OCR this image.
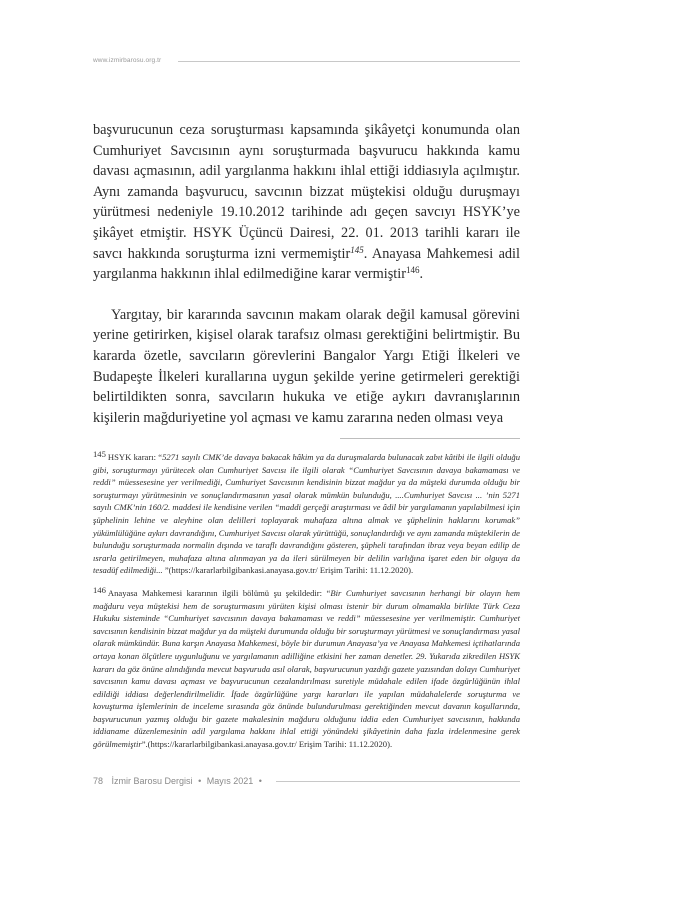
www.izmirbarosu.org.tr

başvurucunun ceza soruşturması kapsamında şikâyetçi konumunda olan Cumhuriyet Savcısının aynı soruşturmada başvurucu hakkında kamu davası açmasının, adil yargılanma hakkını ihlal ettiği iddiasıyla açılmıştır. Aynı zamanda başvurucu, savcının bizzat müştekisi olduğu duruşmayı yürütmesi nedeniyle 19.10.2012 tarihinde adı geçen savcıyı HSYK’ye şikâyet etmiştir. HSYK Üçüncü Dairesi, 22. 01. 2013 tarihli kararı ile savcı hakkında soruşturma izni vermemiştir$^{145}$. Anayasa Mahkemesi adil yargılanma hakkının ihlal edilmediğine karar vermiştir$^{146}$.

Yargıtay, bir kararında savcının makam olarak değil kamusal görevini yerine getirirken, kişisel olarak tarafsız olması gerektiğini belirtmiştir. Bu kararda özetle, savcıların görevlerini Bangalor Yargı Etiği İlkeleri ve Budapeşte İlkeleri kurallarına uygun şekilde yerine getirmeleri gerektiği belirtildikten sonra, savcıların hukuka ve etiğe aykırı davranışlarının kişilerin mağduriyetine yol açması ve kamu zararına neden olması veya

145 HSYK kararı: “5271 sayılı CMK’de davaya bakacak hâkim ya da duruşmalarda bulunacak zabıt kâtibi ile ilgili olduğu gibi, soruşturmayı yürütecek olan Cumhuriyet Savcısı ile ilgili olarak “Cumhuriyet Savcısının davaya bakamaması ve reddi” müessesesine yer verilmediği, Cumhuriyet Savcısının kendisinin bizzat mağdur ya da müşteki durumda olduğu bir soruşturmayı yürütmesinin ve sonuçlandırmasının yasal olarak mümkün bulunduğu, ....Cumhuriyet Savcısı ... ’nin 5271 sayılı CMK’nin 160/2. maddesi ile kendisine verilen “maddi gerçeği araştırması ve âdil bir yargılamanın yapılabilmesi için şüphelinin lehine ve aleyhine olan delilleri toplayarak muhafaza altına almak ve şüphelinin haklarını korumak” yükümlülüğüne aykırı davrandığını, Cumhuriyet Savcısı olarak yürüttüğü, sonuçlandırdığı ve aynı zamanda müştekilerin de bulunduğu soruşturmada normalin dışında ve taraflı davrandığını gösteren, şüpheli tarafından ibraz veya beyan edilip de ısrarla getirilmeyen, muhafaza altına alınmayan ya da ileri sürülmeyen bir delilin varlığına işaret eden bir olguya da tesadüf edilmediği... ”(https://kararlarbilgibankasi.anayasa.gov.tr/ Erişim Tarihi: 11.12.2020).

146 Anayasa Mahkemesi kararının ilgili bölümü şu şekildedir: “Bir Cumhuriyet savcısının herhangi bir olayın hem mağduru veya müştekisi hem de soruşturmasını yürüten kişisi olması istenir bir durum olmamakla birlikte Türk Ceza Hukuku sisteminde “Cumhuriyet savcısının davaya bakamaması ve reddi” müessesesine yer verilmemiştir. Cumhuriyet savcısının kendisinin bizzat mağdur ya da müşteki durumunda olduğu bir soruşturmayı yürütmesi ve sonuçlandırması yasal olarak mümkündür. Buna karşın Anayasa Mahkemesi, böyle bir durumun Anayasa’ya ve Anayasa Mahkemesi içtihatlarında ortaya konan ölçütlere uygunluğunu ve yargılamanın adilliğine etkisini her zaman denetler. 29. Yukarıda zikredilen HSYK kararı da göz önüne alındığında mevcut başvuruda asıl olarak, başvurucunun yazdığı gazete yazısından dolayı Cumhuriyet savcısının kamu davası açması ve başvurucunun cezalandırılması suretiyle müdahale edilen ifade özgürlüğünün ihlal edildiği iddiası değerlendirilmelidir. İfade özgürlüğüne yargı kararları ile yapılan müdahalelerde soruşturma ve kovuşturma işlemlerinin de inceleme sırasında göz önünde bulundurulması gerektiğinden mevcut davanın koşullarında, başvurucunun yazmış olduğu bir gazete makalesinin mağduru olduğunu iddia eden Cumhuriyet savcısının, hakkında iddianame düzenlemesinin adil yargılama hakkını ihlal ettiği yönündeki şikâyetinin daha fazla irdelenmesine gerek görülmemiştir”.(https://kararlarbilgibankasi.anayasa.gov.tr/ Erişim Tarihi: 11.12.2020).

78 İzmir Barosu Dergisi • Mayıs 2021 •
